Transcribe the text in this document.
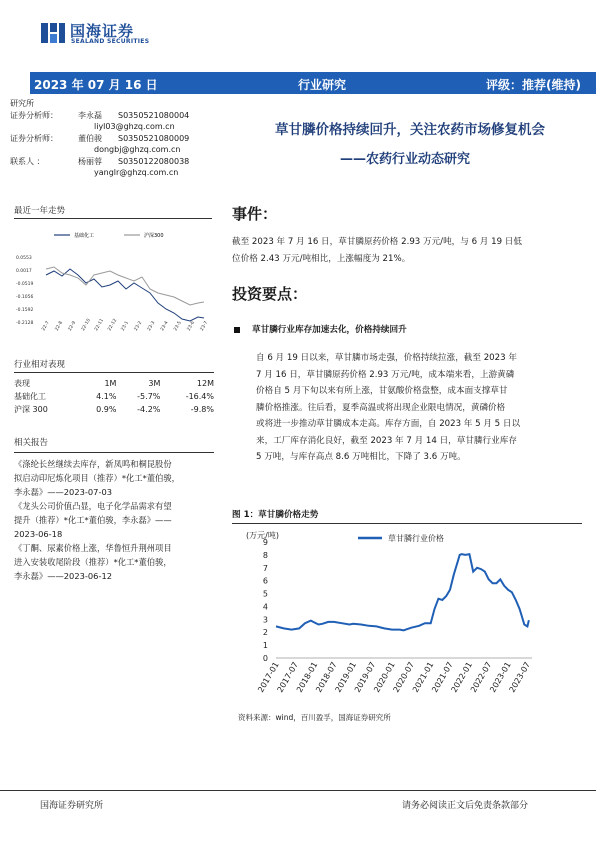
国海证券
SEALAND SECURITIES
2023 年 07 月 16 日	行业研究	评级：推荐(维持)
研究所
证券分析师：	李永磊 S0350521080004
liyl03@ghzq.com.cn
证券分析师：	董伯骏 S0350521080009
dongbj@ghzq.com.cn
联系人 ：	杨丽蓉 S0350122080038
yanglr@ghzq.com.cn
最近一年走势
基础化工	沪深300
0.0553
0.0017
-0.0519
-0.1056
-0.1592
-0.2128 22-7 22-8 22-9 22-10 22-11 22-12 23-1 23-2 23-3 23-4 23-5 23-6 23-7
行业相对表现
表现	1M	3M	12M
基础化工	4.1%	-5.7%	-16.4%
沪深 300	0.9%	-4.2%	-9.8%
相关报告
《涤纶长丝继续去库存，新凤鸣和桐昆股份
拟启动印尼炼化项目（推荐）*化工*董伯骏，
李永磊》——2023-07-03
《龙头公司价值凸显，电子化学品需求有望
提升（推荐）*化工*董伯骏，李永磊》——
2023-06-18
《丁酮、尿素价格上涨，华鲁恒升荆州项目
进入安装收尾阶段（推荐）*化工*董伯骏，
李永磊》——2023-06-12
草甘膦价格持续回升，关注农药市场修复机会
——农药行业动态研究
事件：
截至 2023 年 7 月 16 日，草甘膦原药价格 2.93 万元/吨，与 6 月 19 日低
位价格 2.43 万元/吨相比，上涨幅度为 21%。
投资要点：
草甘膦行业库存加速去化，价格持续回升
自 6 月 19 日以来，草甘膦市场走强，价格持续拉涨，截至 2023 年
7 月 16 日，草甘膦原药价格 2.93 万元/吨，成本端来看，上游黄磷
价格自 5 月下旬以来有所上涨，甘氨酸价格盘整，成本面支撑草甘
膦价格推涨。往后看，夏季高温或将出现企业限电情况，黄磷价格
或将进一步推动草甘膦成本走高。库存方面，自 2023 年 5 月 5 日以
来，工厂库存消化良好，截至 2023 年 7 月 14 日，草甘膦行业库存
5 万吨，与库存高点 8.6 万吨相比，下降了 3.6 万吨。
图 1：草甘膦价格走势
(万元/吨)
0
1
2
3
4
5
6
7
8
9
2017-01
2017-07
2018-01
2018-07
2019-01
2019-07
2020-01
2020-07
2021-01
2021-07
2022-01
2022-07
2023-01
2023-07
草甘膦行业价格
资料来源：wind，百川盈孚，国海证券研究所
国海证券研究所	请务必阅读正文后免责条款部分
